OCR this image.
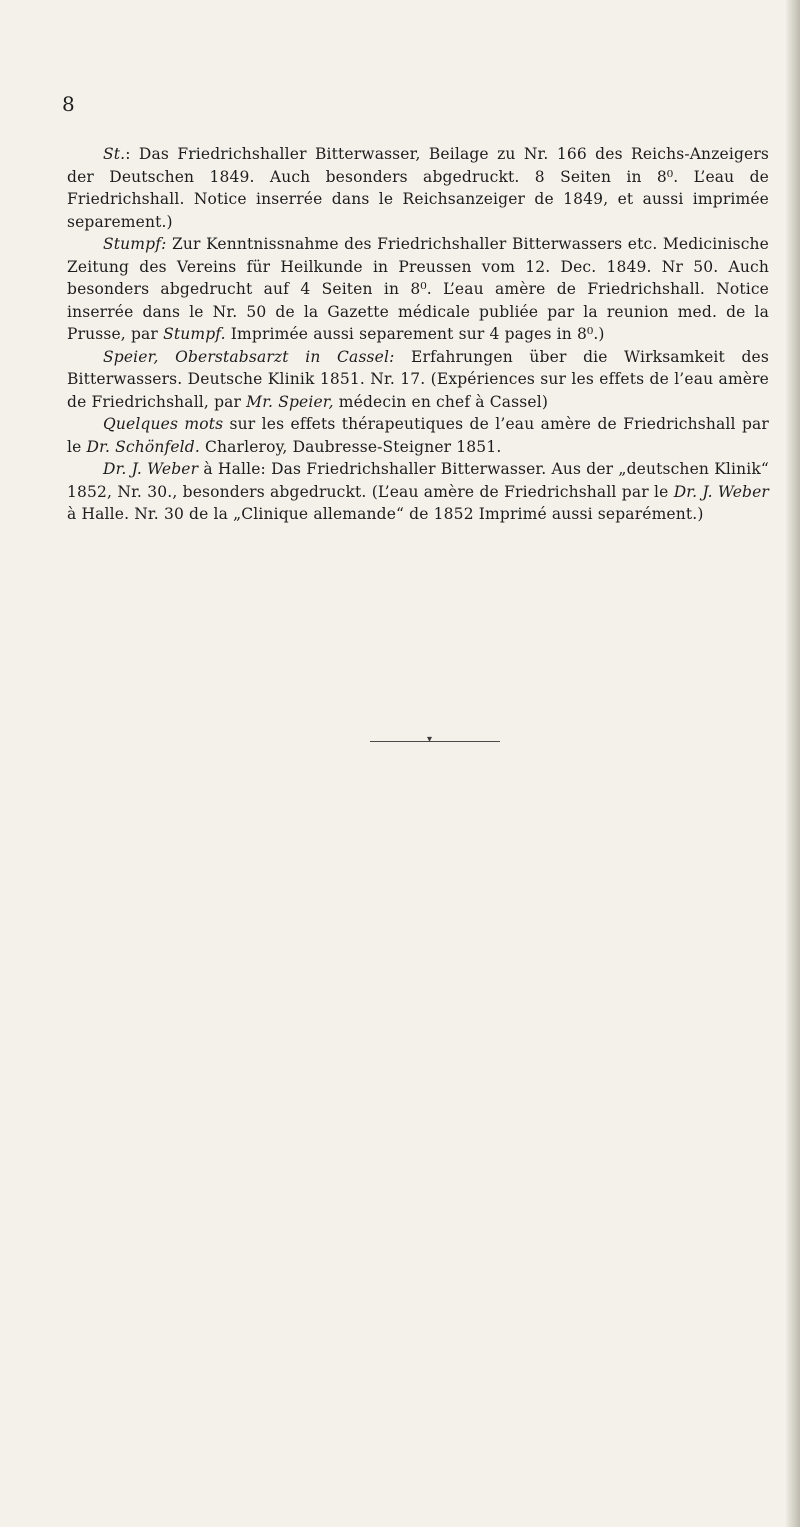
8

St.: Das Friedrichshaller Bitterwasser, Beilage zu Nr. 166 des Reichs-Anzeigers der Deutschen 1849. Auch besonders abgedruckt. 8 Seiten in 8⁰. L’eau de Friedrichshall. Notice inserrée dans le Reichsanzeiger de 1849, et aussi imprimée separement.)

Stumpf: Zur Kenntnissnahme des Friedrichshaller Bitterwassers etc. Medicinische Zeitung des Vereins für Heilkunde in Preussen vom 12. Dec. 1849. Nr 50. Auch besonders abgedrucht auf 4 Seiten in 8⁰. L’eau amère de Friedrichshall. Notice inserrée dans le Nr. 50 de la Gazette médicale publiée par la reunion med. de la Prusse, par Stumpf. Imprimée aussi separement sur 4 pages in 8⁰.)

Speier, Oberstabsarzt in Cassel: Erfahrungen über die Wirksamkeit des Bitterwassers. Deutsche Klinik 1851. Nr. 17. (Expériences sur les effets de l’eau amère de Friedrichshall, par Mr. Speier, médecin en chef à Cassel)

Quelques mots sur les effets thérapeutiques de l’eau amère de Friedrichshall par le Dr. Schönfeld. Charleroy, Daubresse-Steigner 1851.

Dr. J. Weber à Halle: Das Friedrichshaller Bitterwasser. Aus der „deutschen Klinik“ 1852, Nr. 30., besonders abgedruckt. (L’eau amère de Friedrichshall par le Dr. J. Weber à Halle. Nr. 30 de la „Clinique allemande“ de 1852 Imprimé aussi separément.)

▾
